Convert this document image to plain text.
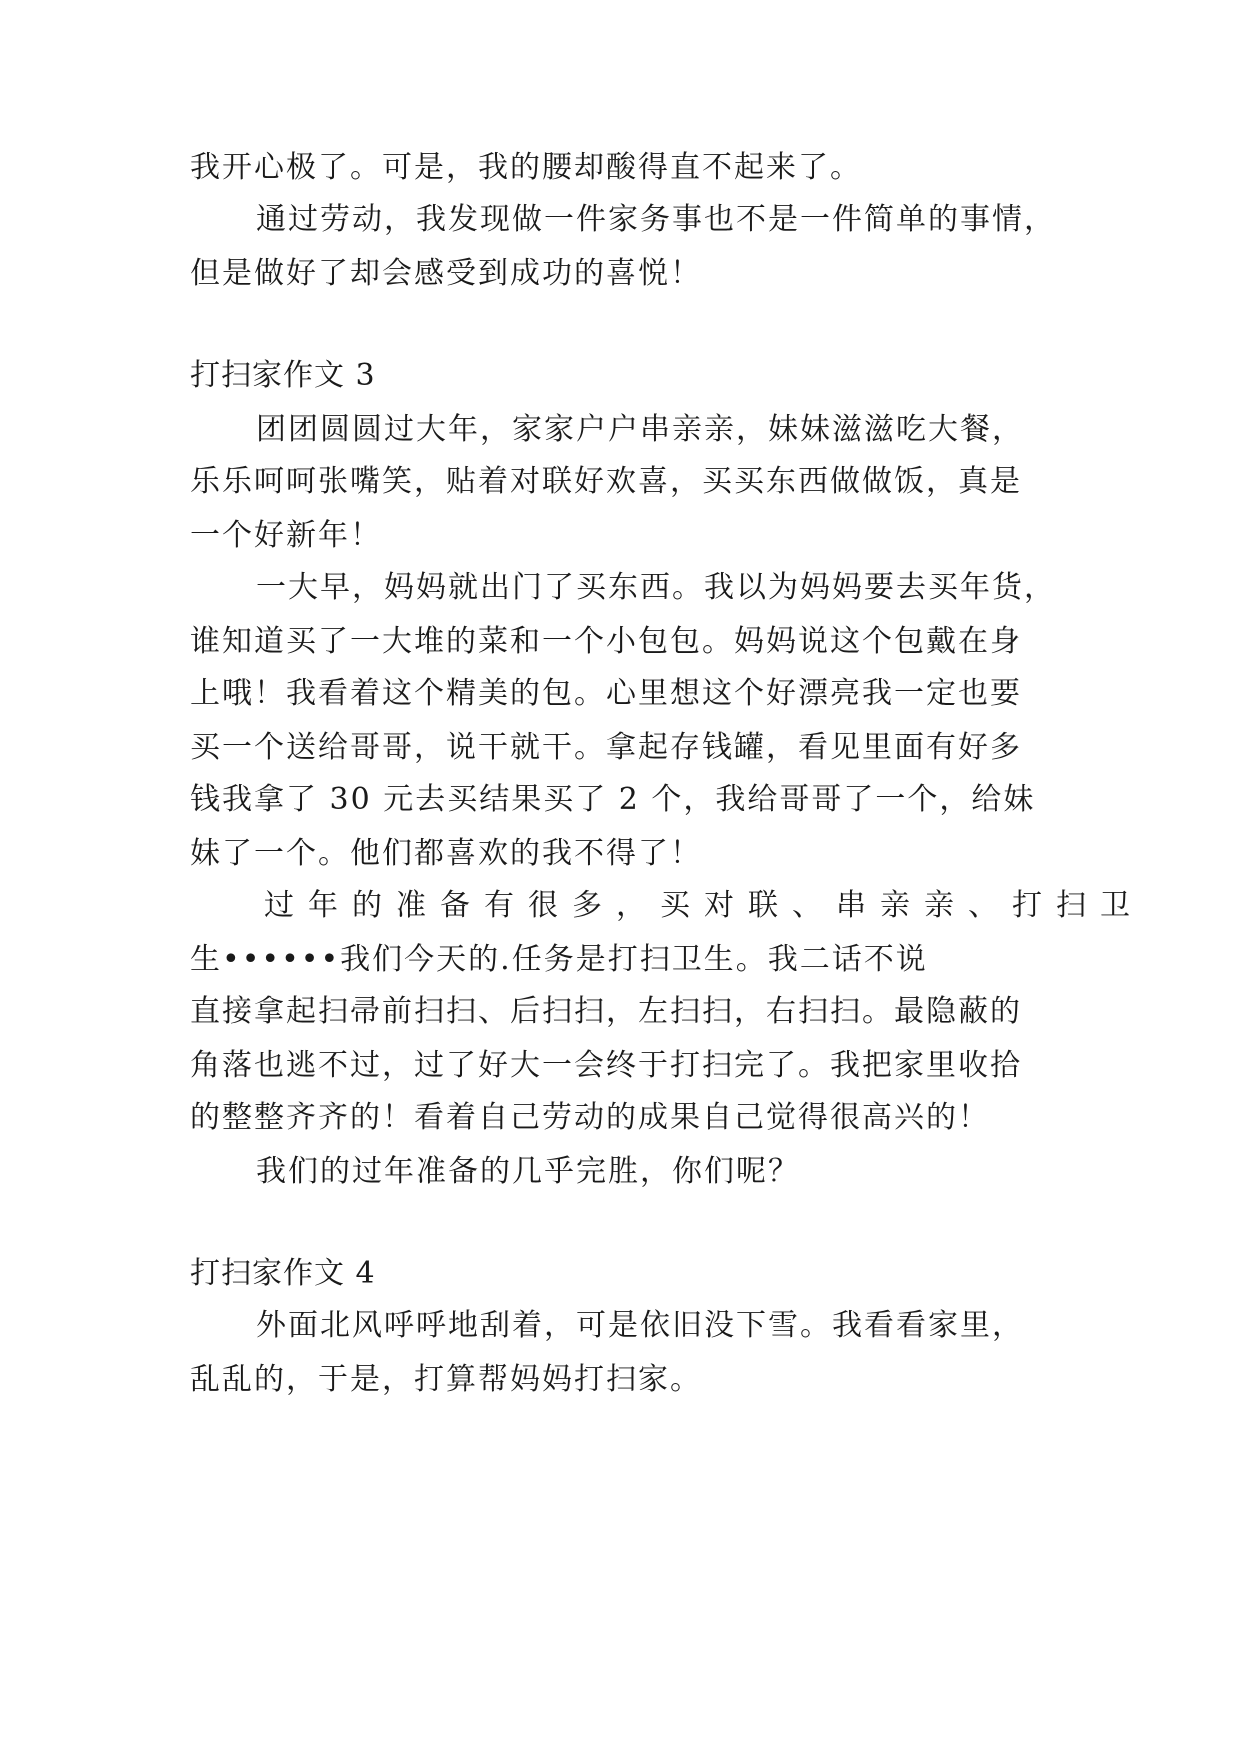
我开心极了。可是，我的腰却酸得直不起来了。
通过劳动，我发现做一件家务事也不是一件简单的事情，
但是做好了却会感受到成功的喜悦！
打扫家作文 3
团团圆圆过大年，家家户户串亲亲，妹妹滋滋吃大餐，
乐乐呵呵张嘴笑，贴着对联好欢喜，买买东西做做饭，真是
一个好新年！
一大早，妈妈就出门了买东西。我以为妈妈要去买年货，
谁知道买了一大堆的菜和一个小包包。妈妈说这个包戴在身
上哦！我看着这个精美的包。心里想这个好漂亮我一定也要
买一个送给哥哥，说干就干。拿起存钱罐，看见里面有好多
钱我拿了 30 元去买结果买了 2 个，我给哥哥了一个，给妹
妹了一个。他们都喜欢的我不得了！
过年的准备有很多，买对联、串亲亲、打扫卫
生••••••我们今天的.任务是打扫卫生。我二话不说
直接拿起扫帚前扫扫、后扫扫，左扫扫，右扫扫。最隐蔽的
角落也逃不过，过了好大一会终于打扫完了。我把家里收拾
的整整齐齐的！看着自己劳动的成果自己觉得很高兴的！
我们的过年准备的几乎完胜，你们呢？
打扫家作文 4
外面北风呼呼地刮着，可是依旧没下雪。我看看家里，
乱乱的，于是，打算帮妈妈打扫家。
